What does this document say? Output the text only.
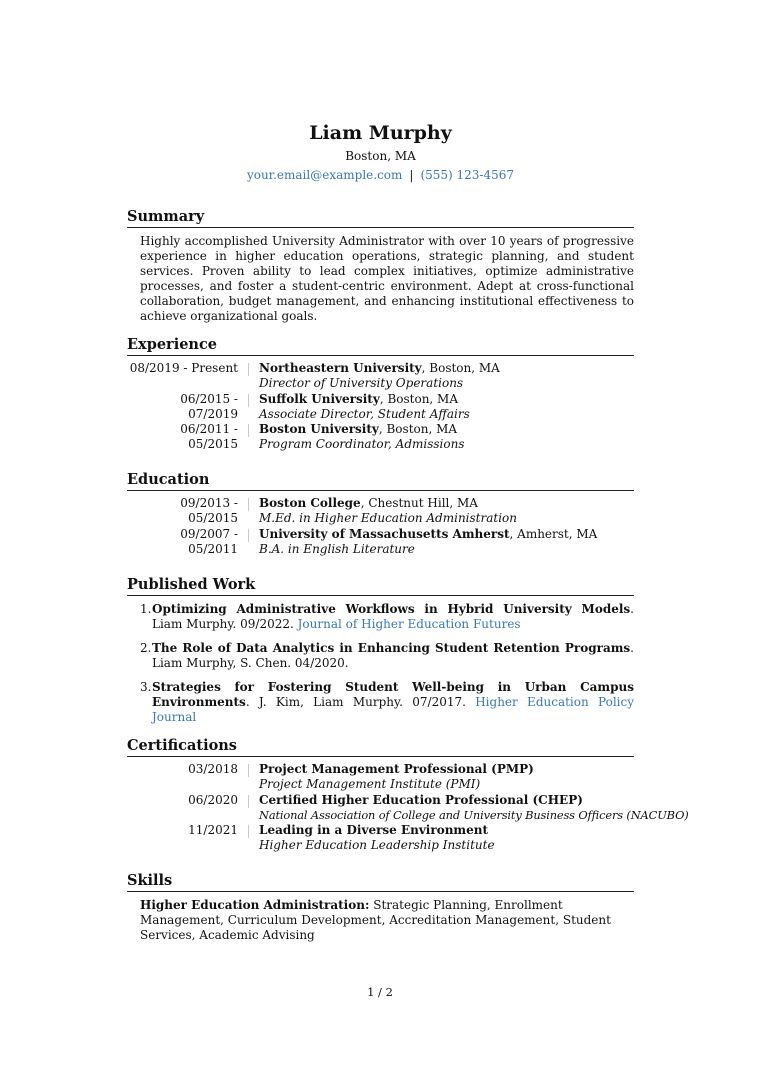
Liam Murphy
Boston, MA
your.email@example.com | (555) 123-4567
Summary
Highly accomplished University Administrator with over 10 years of progressive experience in higher education operations, strategic planning, and student services. Proven ability to lead complex initiatives, optimize administrative processes, and foster a student-centric environment. Adept at cross-functional collaboration, budget management, and enhancing institutional effectiveness to achieve organizational goals.
Experience
08/2019 - Present Northeastern University, Boston, MA
Director of University Operations
06/2015 - 07/2019
Suffolk University, Boston, MA
Associate Director, Student Affairs
06/2011 - 05/2015
Boston University, Boston, MA
Program Coordinator, Admissions
Education
09/2013 - 05/2015
Boston College, Chestnut Hill, MA
M.Ed. in Higher Education Administration
09/2007 - 05/2011
University of Massachusetts Amherst, Amherst, MA
B.A. in English Literature
Published Work
1. Optimizing Administrative Workflows in Hybrid University Models. Liam Murphy. 09/2022. Journal of Higher Education Futures
2. The Role of Data Analytics in Enhancing Student Retention Programs. Liam Murphy, S. Chen. 04/2020.
3. Strategies for Fostering Student Well-being in Urban Campus Environments. J. Kim, Liam Murphy. 07/2017. Higher Education Policy Journal
Certifications
03/2018 Project Management Professional (PMP)
Project Management Institute (PMI)
06/2020 Certified Higher Education Professional (CHEP)
National Association of College and University Business Officers (NACUBO)
11/2021 Leading in a Diverse Environment
Higher Education Leadership Institute
Skills
Higher Education Administration: Strategic Planning, Enrollment Management, Curriculum Development, Accreditation Management, Student Services, Academic Advising
1 / 2
